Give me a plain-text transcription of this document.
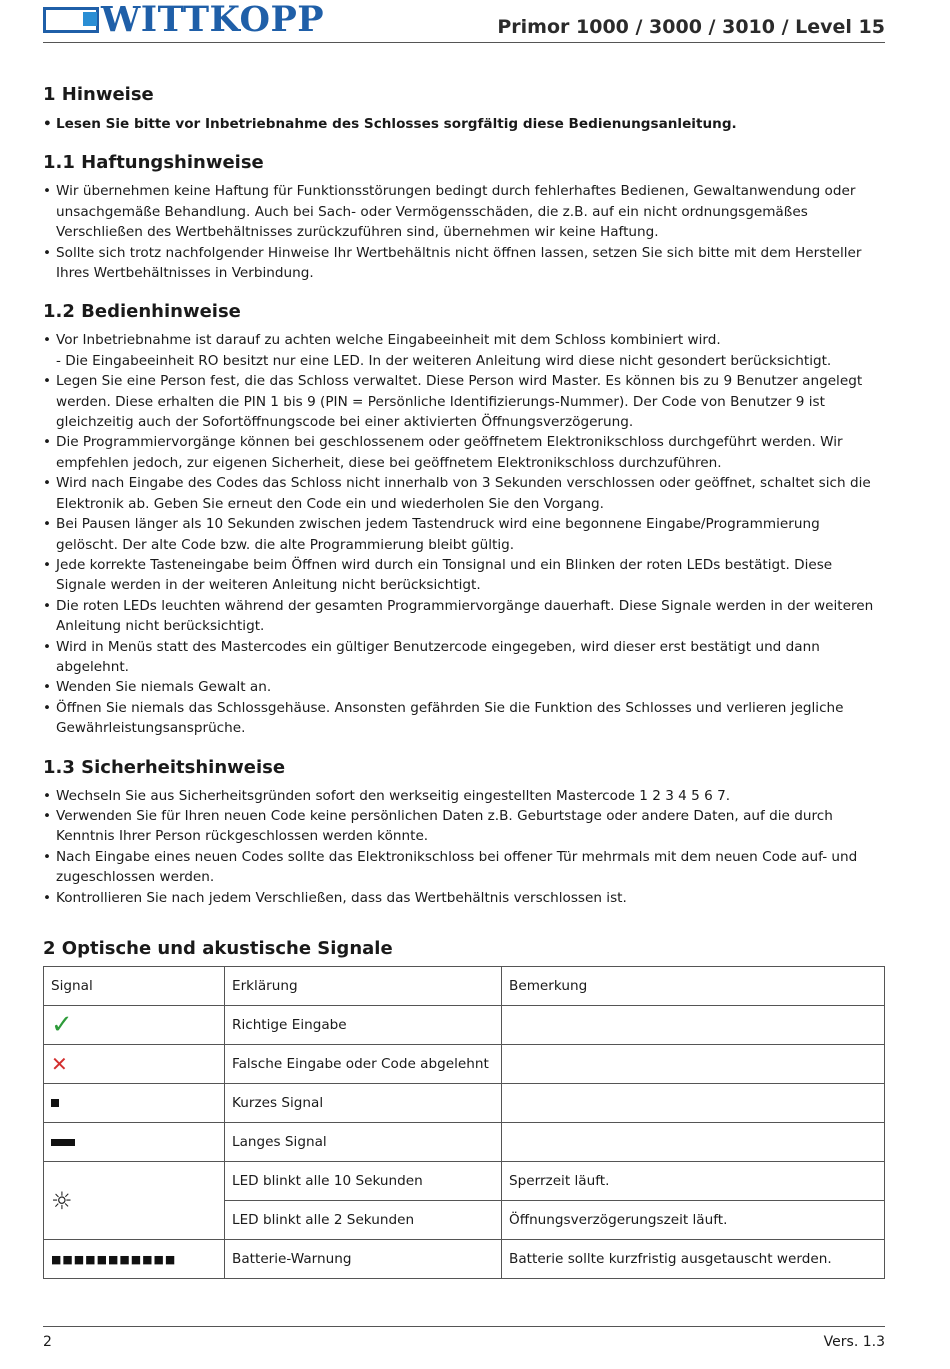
WITTKOPP	Primor 1000 / 3000 / 3010 / Level 15
1 Hinweise
• Lesen Sie bitte vor Inbetriebnahme des Schlosses sorgfältig diese Bedienungsanleitung.
1.1 Haftungshinweise
• Wir übernehmen keine Haftung für Funktionsstörungen bedingt durch fehlerhaftes Bedienen, Gewaltanwendung oder unsachgemäße Behandlung. Auch bei Sach- oder Vermögensschäden, die z.B. auf ein nicht ordnungsgemäßes Verschließen des Wertbehältnisses zurückzuführen sind, übernehmen wir keine Haftung.
• Sollte sich trotz nachfolgender Hinweise Ihr Wertbehältnis nicht öffnen lassen, setzen Sie sich bitte mit dem Hersteller Ihres Wertbehältnisses in Verbindung.
1.2 Bedienhinweise
• Vor Inbetriebnahme ist darauf zu achten welche Eingabeeinheit mit dem Schloss kombiniert wird.
- Die Eingabeeinheit RO besitzt nur eine LED. In der weiteren Anleitung wird diese nicht gesondert berücksichtigt.
• Legen Sie eine Person fest, die das Schloss verwaltet. Diese Person wird Master. Es können bis zu 9 Benutzer angelegt werden. Diese erhalten die PIN 1 bis 9 (PIN = Persönliche Identifizierungs-Nummer). Der Code von Benutzer 9 ist gleichzeitig auch der Sofortöffnungscode bei einer aktivierten Öffnungsverzögerung.
• Die Programmiervorgänge können bei geschlossenem oder geöffnetem Elektronikschloss durchgeführt werden. Wir empfehlen jedoch, zur eigenen Sicherheit, diese bei geöffnetem Elektronikschloss durchzuführen.
• Wird nach Eingabe des Codes das Schloss nicht innerhalb von 3 Sekunden verschlossen oder geöffnet, schaltet sich die Elektronik ab. Geben Sie erneut den Code ein und wiederholen Sie den Vorgang.
• Bei Pausen länger als 10 Sekunden zwischen jedem Tastendruck wird eine begonnene Eingabe/Programmierung gelöscht. Der alte Code bzw. die alte Programmierung bleibt gültig.
• Jede korrekte Tasteneingabe beim Öffnen wird durch ein Tonsignal und ein Blinken der roten LEDs bestätigt. Diese Signale werden in der weiteren Anleitung nicht berücksichtigt.
• Die roten LEDs leuchten während der gesamten Programmiervorgänge dauerhaft. Diese Signale werden in der weiteren Anleitung nicht berücksichtigt.
• Wird in Menüs statt des Mastercodes ein gültiger Benutzercode eingegeben, wird dieser erst bestätigt und dann abgelehnt.
• Wenden Sie niemals Gewalt an.
• Öffnen Sie niemals das Schlossgehäuse. Ansonsten gefährden Sie die Funktion des Schlosses und verlieren jegliche Gewährleistungsansprüche.
1.3 Sicherheitshinweise
• Wechseln Sie aus Sicherheitsgründen sofort den werkseitig eingestellten Mastercode 1 2 3 4 5 6 7.
• Verwenden Sie für Ihren neuen Code keine persönlichen Daten z.B. Geburtstage oder andere Daten, auf die durch Kenntnis Ihrer Person rückgeschlossen werden könnte.
• Nach Eingabe eines neuen Codes sollte das Elektronikschloss bei offener Tür mehrmals mit dem neuen Code auf- und zugeschlossen werden.
• Kontrollieren Sie nach jedem Verschließen, dass das Wertbehältnis verschlossen ist.
2 Optische und akustische Signale
Signal	Erklärung	Bemerkung
✓	Richtige Eingabe	
✕	Falsche Eingabe oder Code abgelehnt	
	Kurzes Signal	
	Langes Signal	
☼	LED blinkt alle 10 Sekunden	Sperrzeit läuft.
	LED blinkt alle 2 Sekunden	Öffnungsverzögerungszeit läuft.
■■■■■■■■■■■	Batterie-Warnung	Batterie sollte kurzfristig ausgetauscht werden.
2	Vers. 1.3
